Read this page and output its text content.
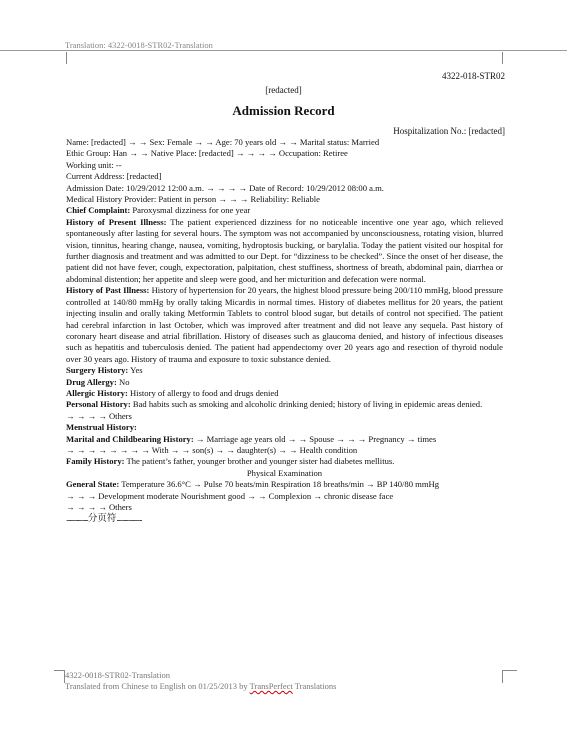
Translation: 4322-0018-STR02-Translation
4322-018-STR02
[redacted]
Admission Record
Hospitalization No.: [redacted]

Name: [redacted] → → Sex: Female → → Age: 70 years old → → Marital status: Married

Ethic Group: Han → → Native Place: [redacted] → → → → Occupation: Retiree

Working unit: --

Current Address: [redacted]

Admission Date: 10/29/2012 12:00 a.m. → → → → Date of Record: 10/29/2012 08:00 a.m.

Medical History Provider: Patient in person → → → Reliability: Reliable

Chief Complaint: Paroxysmal dizziness for one year

History of Present Illness: The patient experienced dizziness for no noticeable incentive one year ago, which relieved spontaneously after lasting for several hours. The symptom was not accompanied by unconsciousness, rotating vision, blurred vision, tinnitus, hearing change, nausea, vomiting, hydroptosis bucking, or barylalia. Today the patient visited our hospital for further diagnosis and treatment and was admitted to our Dept. for “dizziness to be checked”. Since the onset of her disease, the patient did not have fever, cough, expectoration, palpitation, chest stuffiness, shortness of breath, abdominal pain, diarrhea or abdominal distention; her appetite and sleep were good, and her micturition and defecation were normal.

History of Past Illness: History of hypertension for 20 years, the highest blood pressure being 200/110 mmHg, blood pressure controlled at 140/80 mmHg by orally taking Micardis in normal times. History of diabetes mellitus for 20 years, the patient injecting insulin and orally taking Metformin Tablets to control blood sugar, but details of control not specified. The patient had cerebral infarction in last October, which was improved after treatment and did not leave any sequela. Past history of coronary heart disease and atrial fibrillation. History of diseases such as glaucoma denied, and history of infectious diseases such as hepatitis and tuberculosis denied. The patient had appendectomy over 20 years ago and resection of thyroid nodule over 30 years ago. History of trauma and exposure to toxic substance denied.

Surgery History: Yes

Drug Allergy: No

Allergic History: History of allergy to food and drugs denied

Personal History: Bad habits such as smoking and alcoholic drinking denied; history of living in epidemic areas denied.

→ → → → Others

Menstrual History:

Marital and Childbearing History: → Marriage age years old → → Spouse → → → Pregnancy → times

→ → → → → → → → With → → son(s) → → daughter(s) → → Health condition

Family History: The patient’s father, younger brother and younger sister had diabetes mellitus.

Physical Examination

General State: Temperature 36.6°C → Pulse 70 beats/min Respiration 18 breaths/min → BP 140/80 mmHg

→ → → Development moderate Nourishment good → → Complexion → chronic disease face

→ → → → Others

...................分页符......................

4322-0018-STR02-Translation
Translated from Chinese to English on 01/25/2013 by TransPerfect Translations
